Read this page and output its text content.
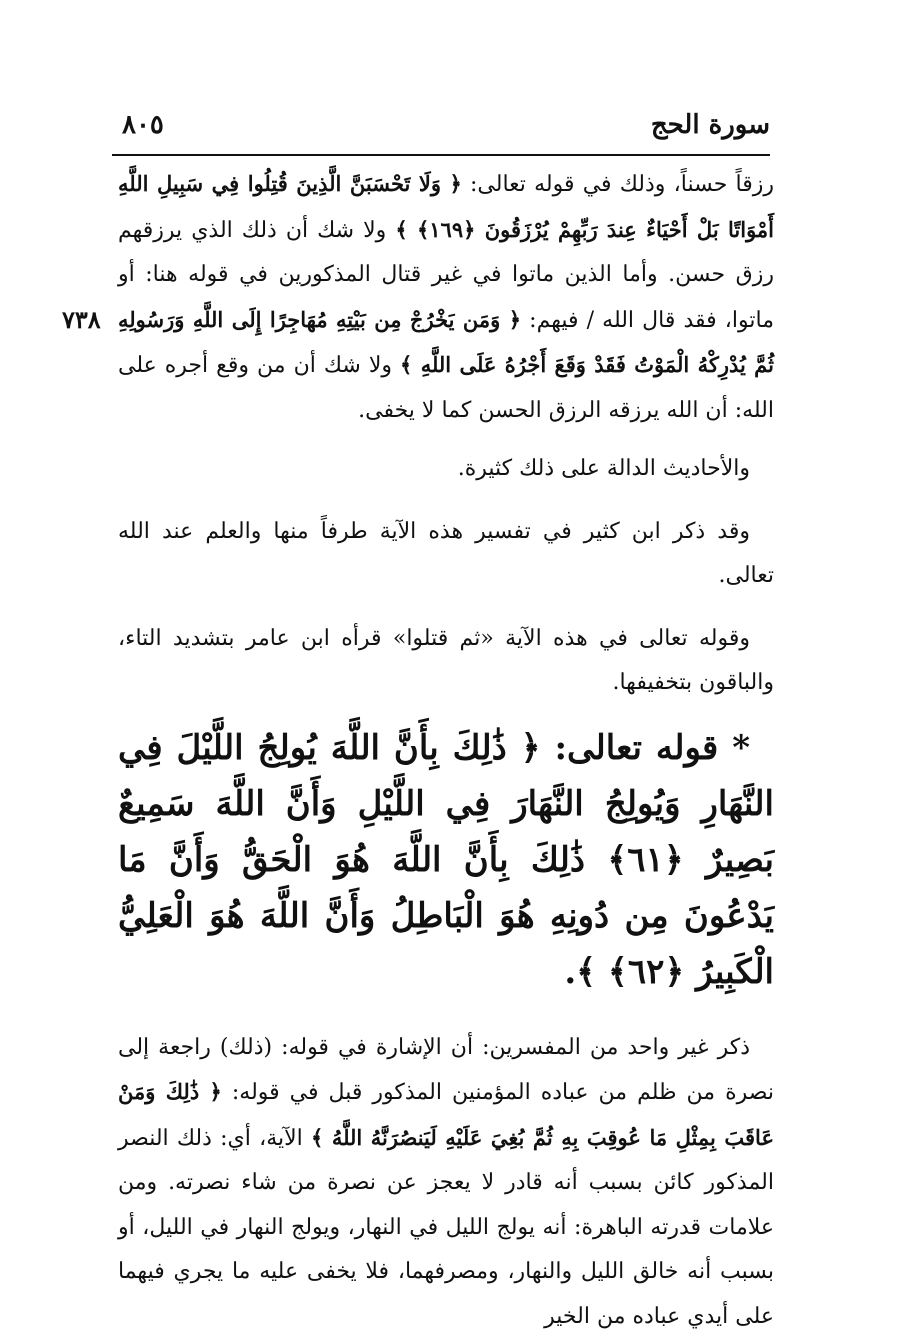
سورة الحج
٨٠٥
٧٣٨

رزقاً حسناً، وذلك في قوله تعالى: ﴿ وَلَا تَحْسَبَنَّ الَّذِينَ قُتِلُوا فِي سَبِيلِ اللَّهِ أَمْوَاتًا بَلْ أَحْيَاءٌ عِندَ رَبِّهِمْ يُرْزَقُونَ ﴿١٦٩﴾ ﴾ ولا شك أن ذلك الذي يرزقهم رزق حسن. وأما الذين ماتوا في غير قتال المذكورين في قوله هنا: أو ماتوا، فقد قال الله / فيهم: ﴿ وَمَن يَخْرُجْ مِن بَيْتِهِ مُهَاجِرًا إِلَى اللَّهِ وَرَسُولِهِ ثُمَّ يُدْرِكْهُ الْمَوْتُ فَقَدْ وَقَعَ أَجْرُهُ عَلَى اللَّهِ ﴾ ولا شك أن من وقع أجره على الله: أن الله يرزقه الرزق الحسن كما لا يخفى.

والأحاديث الدالة على ذلك كثيرة.

وقد ذكر ابن كثير في تفسير هذه الآية طرفاً منها والعلم عند الله تعالى.

وقوله تعالى في هذه الآية «ثم قتلوا» قرأه ابن عامر بتشديد التاء، والباقون بتخفيفها.

* قوله تعالى: ﴿ ذَٰلِكَ بِأَنَّ اللَّهَ يُولِجُ اللَّيْلَ فِي النَّهَارِ وَيُولِجُ النَّهَارَ فِي اللَّيْلِ وَأَنَّ اللَّهَ سَمِيعٌ بَصِيرٌ ﴿٦١﴾ ذَٰلِكَ بِأَنَّ اللَّهَ هُوَ الْحَقُّ وَأَنَّ مَا يَدْعُونَ مِن دُونِهِ هُوَ الْبَاطِلُ وَأَنَّ اللَّهَ هُوَ الْعَلِيُّ الْكَبِيرُ ﴿٦٢﴾ ﴾.

ذكر غير واحد من المفسرين: أن الإشارة في قوله: (ذلك) راجعة إلى نصرة من ظلم من عباده المؤمنين المذكور قبل في قوله: ﴿ ذَٰلِكَ وَمَنْ عَاقَبَ بِمِثْلِ مَا عُوقِبَ بِهِ ثُمَّ بُغِيَ عَلَيْهِ لَيَنصُرَنَّهُ اللَّهُ ﴾ الآية، أي: ذلك النصر المذكور كائن بسبب أنه قادر لا يعجز عن نصرة من شاء نصرته. ومن علامات قدرته الباهرة: أنه يولج الليل في النهار، ويولج النهار في الليل، أو بسبب أنه خالق الليل والنهار، ومصرفهما، فلا يخفى عليه ما يجري فيهما على أيدي عباده من الخير
